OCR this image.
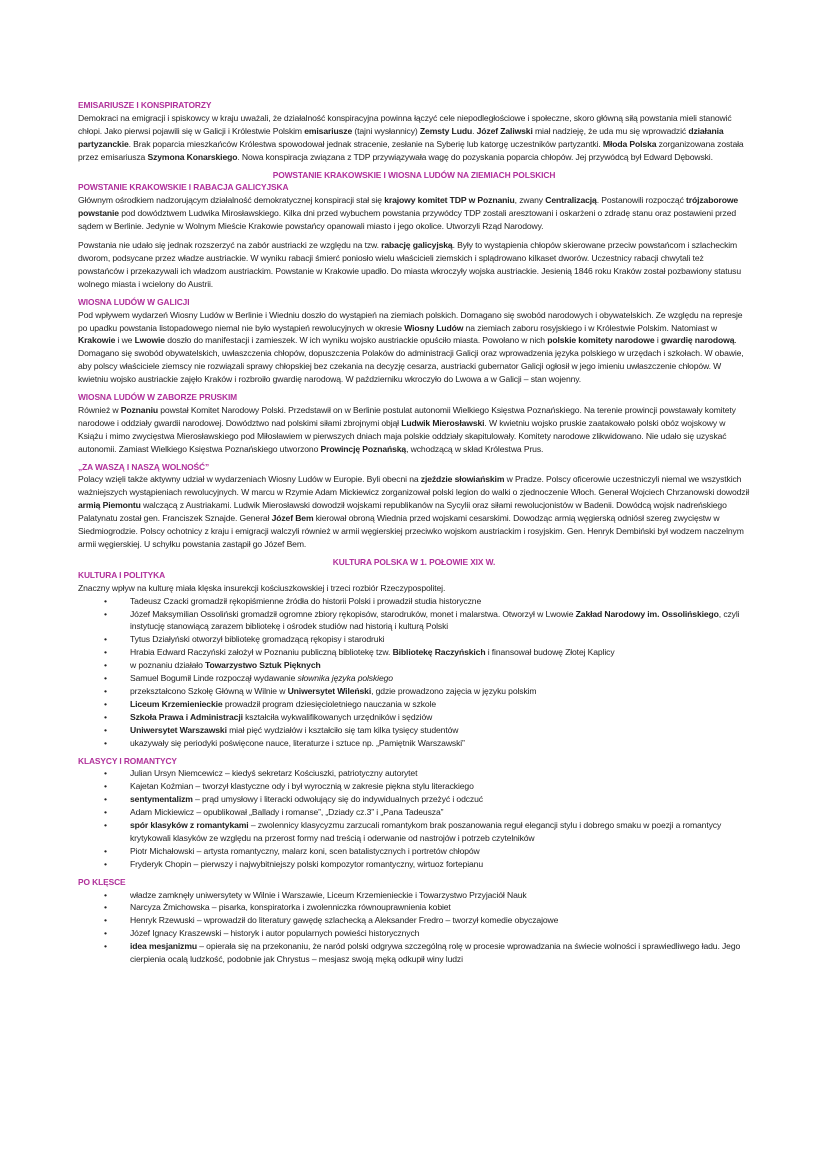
EMISARIUSZE I KONSPIRATORZY

Demokraci na emigracji i spiskowcy w kraju uważali, że działalność konspiracyjna powinna łączyć cele niepodległościowe i społeczne, skoro główną siłą powstania mieli stanowić chłopi. Jako pierwsi pojawili się w Galicji i Królestwie Polskim emisariusze (tajni wysłannicy) Zemsty Ludu. Józef Zaliwski miał nadzieję, że uda mu się wprowadzić działania partyzanckie. Brak poparcia mieszkańców Królestwa spowodował jednak stracenie, zesłanie na Syberię lub katorgę uczestników partyzantki. Młoda Polska zorganizowana została przez emisariusza Szymona Konarskiego. Nowa konspiracja związana z TDP przywiązywała wagę do pozyskania poparcia chłopów. Jej przywódcą był Edward Dębowski.

POWSTANIE KRAKOWSKIE I WIOSNA LUDÓW NA ZIEMIACH POLSKICH
POWSTANIE KRAKOWSKIE I RABACJA GALICYJSKA

Głównym ośrodkiem nadzorującym działalność demokratycznej konspiracji stał się krajowy komitet TDP w Poznaniu, zwany Centralizacją. Postanowili rozpocząć trójzaborowe powstanie pod dowództwem Ludwika Mirosławskiego. Kilka dni przed wybuchem powstania przywódcy TDP zostali aresztowani i oskarżeni o zdradę stanu oraz postawieni przed sądem w Berlinie. Jedynie w Wolnym Mieście Krakowie powstańcy opanowali miasto i jego okolice. Utworzyli Rząd Narodowy.

Powstania nie udało się jednak rozszerzyć na zabór austriacki ze względu na tzw. rabację galicyjską. Były to wystąpienia chłopów skierowane przeciw powstańcom i szlacheckim dworom, podsycane przez władze austriackie. W wyniku rabacji śmierć poniosło wielu właścicieli ziemskich i splądrowano kilkaset dworów. Uczestnicy rabacji chwytali też powstańców i przekazywali ich władzom austriackim. Powstanie w Krakowie upadło. Do miasta wkroczyły wojska austriackie. Jesienią 1846 roku Kraków został pozbawiony statusu wolnego miasta i wcielony do Austrii.

WIOSNA LUDÓW W GALICJI

Pod wpływem wydarzeń Wiosny Ludów w Berlinie i Wiedniu doszło do wystąpień na ziemiach polskich. Domagano się swobód narodowych i obywatelskich. Ze względu na represje po upadku powstania listopadowego niemal nie było wystąpień rewolucyjnych w okresie Wiosny Ludów na ziemiach zaboru rosyjskiego i w Królestwie Polskim. Natomiast w Krakowie i we Lwowie doszło do manifestacji i zamieszek. W ich wyniku wojsko austriackie opuściło miasta. Powołano w nich polskie komitety narodowe i gwardię narodową. Domagano się swobód obywatelskich, uwłaszczenia chłopów, dopuszczenia Polaków do administracji Galicji oraz wprowadzenia języka polskiego w urzędach i szkołach. W obawie, aby polscy właściciele ziemscy nie rozwiązali sprawy chłopskiej bez czekania na decyzję cesarza, austriacki gubernator Galicji ogłosił w jego imieniu uwłaszczenie chłopów. W kwietniu wojsko austriackie zajęło Kraków i rozbroiło gwardię narodową. W październiku wkroczyło do Lwowa a w Galicji – stan wojenny.

WIOSNA LUDÓW W ZABORZE PRUSKIM

Również w Poznaniu powstał Komitet Narodowy Polski. Przedstawił on w Berlinie postulat autonomii Wielkiego Księstwa Poznańskiego. Na terenie prowincji powstawały komitety narodowe i oddziały gwardii narodowej. Dowództwo nad polskimi siłami zbrojnymi objął Ludwik Mierosławski. W kwietniu wojsko pruskie zaatakowało polski obóz wojskowy w Książu i mimo zwycięstwa Mierosławskiego pod Miłosławiem w pierwszych dniach maja polskie oddziały skapitulowały. Komitety narodowe zlikwidowano. Nie udało się uzyskać autonomii. Zamiast Wielkiego Księstwa Poznańskiego utworzono Prowincję Poznańską, wchodzącą w skład Królestwa Prus.

„ZA WASZĄ I NASZĄ WOLNOŚĆ”

Polacy wzięli także aktywny udział w wydarzeniach Wiosny Ludów w Europie. Byli obecni na zjeździe słowiańskim w Pradze. Polscy oficerowie uczestniczyli niemal we wszystkich ważniejszych wystąpieniach rewolucyjnych. W marcu w Rzymie Adam Mickiewicz zorganizował polski legion do walki o zjednoczenie Włoch. Generał Wojciech Chrzanowski dowodził armią Piemontu walczącą z Austriakami. Ludwik Mierosławski dowodził wojskami republikanów na Sycylii oraz siłami rewolucjonistów w Badenii. Dowódcą wojsk nadreńskiego Palatynatu został gen. Franciszek Sznajde. Generał Józef Bem kierował obroną Wiednia przed wojskami cesarskimi. Dowodząc armią węgierską odniósł szereg zwycięstw w Siedmiogrodzie. Polscy ochotnicy z kraju i emigracji walczyli również w armii węgierskiej przeciwko wojskom austriackim i rosyjskim. Gen. Henryk Dembiński był wodzem naczelnym armii węgierskiej. U schyłku powstania zastąpił go Józef Bem.

KULTURA POLSKA W 1. POŁOWIE XIX W.
KULTURA I POLITYKA

Znaczny wpływ na kulturę miała klęska insurekcji kościuszkowskiej i trzeci rozbiór Rzeczypospolitej.

• Tadeusz Czacki gromadził rękopiśmienne źródła do historii Polski i prowadził studia historyczne
• Józef Maksymilian Ossoliński gromadził ogromne zbiory rękopisów, starodruków, monet i malarstwa. Otworzył w Lwowie Zakład Narodowy im. Ossolińskiego, czyli instytucję stanowiącą zarazem bibliotekę i ośrodek studiów nad historią i kulturą Polski
• Tytus Działyński otworzył bibliotekę gromadzącą rękopisy i starodruki
• Hrabia Edward Raczyński założył w Poznaniu publiczną bibliotekę tzw. Bibliotekę Raczyńskich i finansował budowę Złotej Kaplicy
• w poznaniu działało Towarzystwo Sztuk Pięknych
• Samuel Bogumił Linde rozpoczął wydawanie słownika języka polskiego
• przekształcono Szkołę Główną w Wilnie w Uniwersytet Wileński, gdzie prowadzono zajęcia w języku polskim
• Liceum Krzemienieckie prowadził program dziesięcioletniego nauczania w szkole
• Szkoła Prawa i Administracji kształciła wykwalifikowanych urzędników i sędziów
• Uniwersytet Warszawski miał pięć wydziałów i kształciło się tam kilka tysięcy studentów
• ukazywały się periodyki poświęcone nauce, literaturze i sztuce np. „Pamiętnik Warszawski”
KLASYCY I ROMANTYCY
• Julian Ursyn Niemcewicz – kiedyś sekretarz Kościuszki, patriotyczny autorytet
• Kajetan Koźmian – tworzył klastyczne ody i był wyrocznią w zakresie piękna stylu literackiego
• sentymentalizm – prąd umysłowy i literacki odwołujący się do indywidualnych przeżyć i odczuć
• Adam Mickiewicz – opublikował „Ballady i romanse”, „Dziady cz.3” i „Pana Tadeusza”
• spór klasyków z romantykami – zwolennicy klasycyzmu zarzucali romantykom brak poszanowania reguł elegancji stylu i dobrego smaku w poezji a romantycy krytykowali klasyków ze względu na przerost formy nad treścią i oderwanie od nastrojów i potrzeb czytelników
• Piotr Michałowski – artysta romantyczny, malarz koni, scen batalistycznych i portretów chłopów
• Fryderyk Chopin – pierwszy i najwybitniejszy polski kompozytor romantyczny, wirtuoz fortepianu
PO KLĘSCE
• władze zamknęły uniwersytety w Wilnie i Warszawie, Liceum Krzemienieckie i Towarzystwo Przyjaciół Nauk
• Narcyza Żmichowska – pisarka, konspiratorka i zwolenniczka równouprawnienia kobiet
• Henryk Rzewuski – wprowadził do literatury gawędę szlachecką a Aleksander Fredro – tworzył komedie obyczajowe
• Józef Ignacy Kraszewski – historyk i autor popularnych powieści historycznych
• idea mesjanizmu – opierała się na przekonaniu, że naród polski odgrywa szczególną rolę w procesie wprowadzania na świecie wolności i sprawiedliwego ładu. Jego cierpienia ocalą ludzkość, podobnie jak Chrystus – mesjasz swoją męką odkupił winy ludzi
